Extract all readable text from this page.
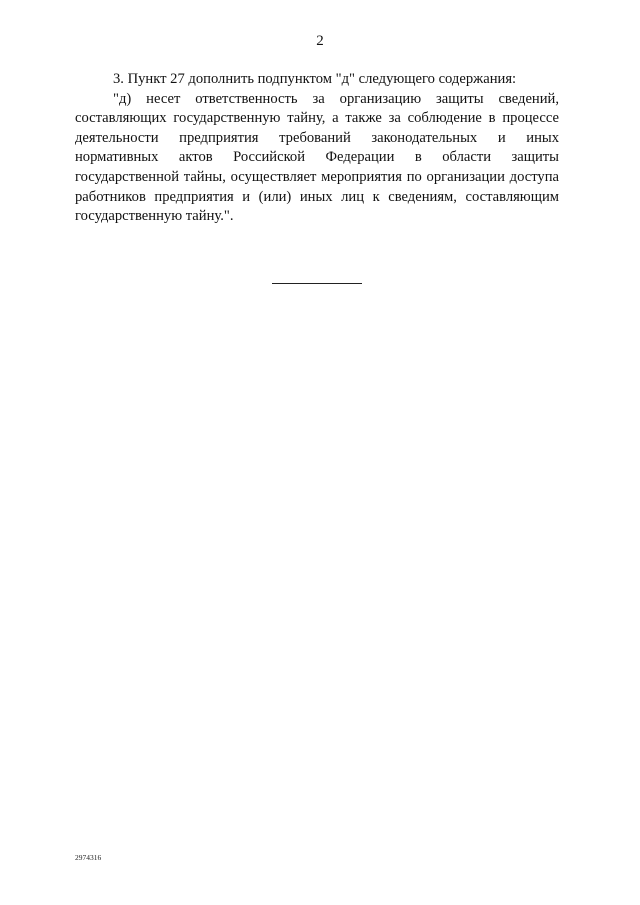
2

3. Пункт 27 дополнить подпунктом "д" следующего содержания:

"д) несет ответственность за организацию защиты сведений, составляющих государственную тайну, а также за соблюдение в процессе деятельности предприятия требований законодательных и иных нормативных актов Российской Федерации в области защиты государственной тайны, осуществляет мероприятия по организации доступа работников предприятия и (или) иных лиц к сведениям, составляющим государственную тайну.".

2974316
